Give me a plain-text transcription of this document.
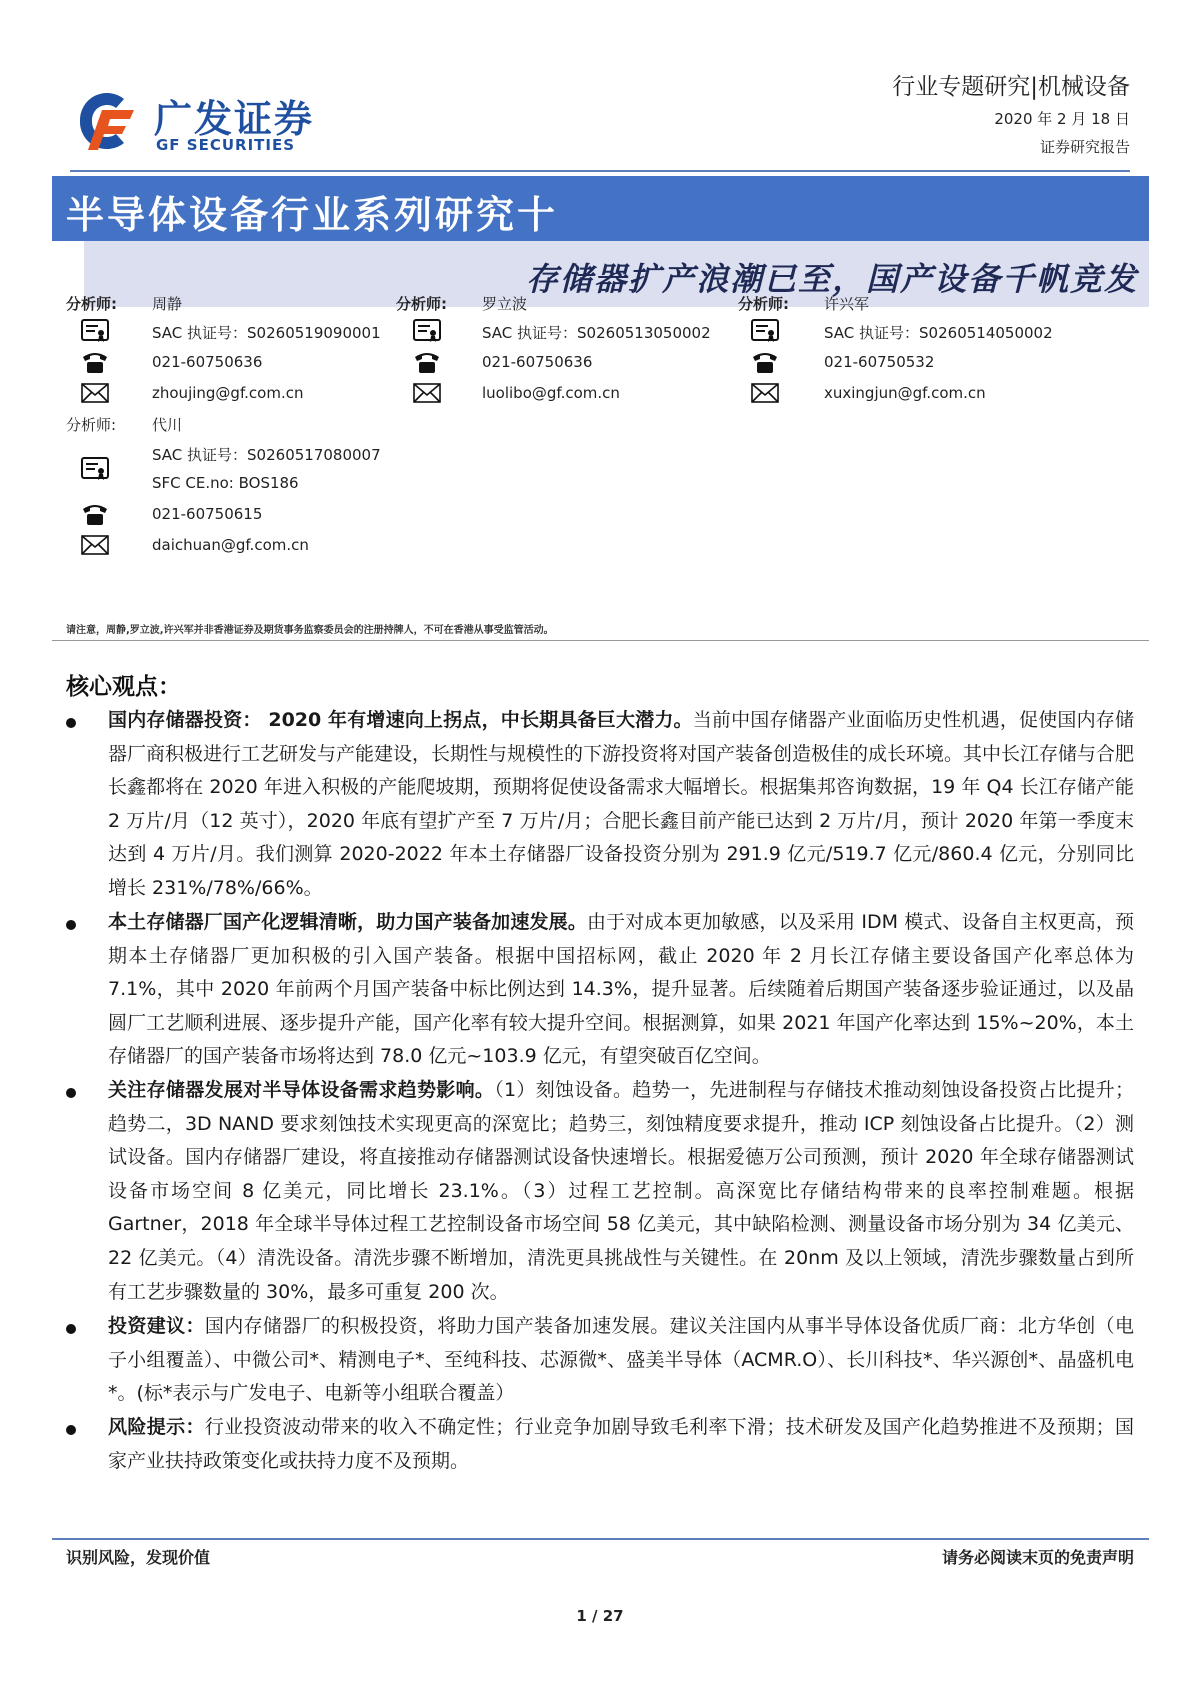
广发证券
GF SECURITIES
行业专题研究|机械设备
2020 年 2 月 18 日
证券研究报告
半导体设备行业系列研究十
存储器扩产浪潮已至，国产设备千帆竞发
分析师: 周静
SAC 执证号：S0260519090001
021-60750636
zhoujing@gf.com.cn
分析师: 罗立波
SAC 执证号：S0260513050002
021-60750636
luolibo@gf.com.cn
分析师: 许兴军
SAC 执证号：S0260514050002
021-60750532
xuxingjun@gf.com.cn
分析师: 代川
SAC 执证号：S0260517080007
SFC CE.no: BOS186
021-60750615
daichuan@gf.com.cn
请注意，周静,罗立波,许兴军并非香港证券及期货事务监察委员会的注册持牌人，不可在香港从事受监管活动。
核心观点：
国内存储器投资： 2020 年有增速向上拐点，中长期具备巨大潜力。当前中国存储器产业面临历史性机遇，促使国内存储器厂商积极进行工艺研发与产能建设，长期性与规模性的下游投资将对国产装备创造极佳的成长环境。其中长江存储与合肥长鑫都将在 2020 年进入积极的产能爬坡期，预期将促使设备需求大幅增长。根据集邦咨询数据，19 年 Q4 长江存储产能 2 万片/月（12 英寸），2020 年底有望扩产至 7 万片/月；合肥长鑫目前产能已达到 2 万片/月，预计 2020 年第一季度末达到 4 万片/月。我们测算 2020-2022 年本土存储器厂设备投资分别为 291.9 亿元/519.7 亿元/860.4 亿元，分别同比增长 231%/78%/66%。
本土存储器厂国产化逻辑清晰，助力国产装备加速发展。由于对成本更加敏感，以及采用 IDM 模式、设备自主权更高，预期本土存储器厂更加积极的引入国产装备。根据中国招标网，截止 2020 年 2 月长江存储主要设备国产化率总体为 7.1%，其中 2020 年前两个月国产装备中标比例达到 14.3%，提升显著。后续随着后期国产装备逐步验证通过，以及晶圆厂工艺顺利进展、逐步提升产能，国产化率有较大提升空间。根据测算，如果 2021 年国产化率达到 15%~20%，本土存储器厂的国产装备市场将达到 78.0 亿元~103.9 亿元，有望突破百亿空间。
关注存储器发展对半导体设备需求趋势影响。（1）刻蚀设备。趋势一，先进制程与存储技术推动刻蚀设备投资占比提升；趋势二，3D NAND 要求刻蚀技术实现更高的深宽比；趋势三，刻蚀精度要求提升，推动 ICP 刻蚀设备占比提升。（2）测试设备。国内存储器厂建设，将直接推动存储器测试设备快速增长。根据爱德万公司预测，预计 2020 年全球存储器测试设备市场空间 8 亿美元，同比增长 23.1%。（3）过程工艺控制。高深宽比存储结构带来的良率控制难题。根据 Gartner，2018 年全球半导体过程工艺控制设备市场空间 58 亿美元，其中缺陷检测、测量设备市场分别为 34 亿美元、22 亿美元。（4）清洗设备。清洗步骤不断增加，清洗更具挑战性与关键性。在 20nm 及以上领域，清洗步骤数量占到所有工艺步骤数量的 30%，最多可重复 200 次。
投资建议：国内存储器厂的积极投资，将助力国产装备加速发展。建议关注国内从事半导体设备优质厂商：北方华创（电子小组覆盖）、中微公司*、精测电子*、至纯科技、芯源微*、盛美半导体（ACMR.O）、长川科技*、华兴源创*、晶盛机电*。(标*表示与广发电子、电新等小组联合覆盖）
风险提示：行业投资波动带来的收入不确定性；行业竞争加剧导致毛利率下滑；技术研发及国产化趋势推进不及预期；国家产业扶持政策变化或扶持力度不及预期。
识别风险，发现价值	请务必阅读末页的免责声明
1 / 27
